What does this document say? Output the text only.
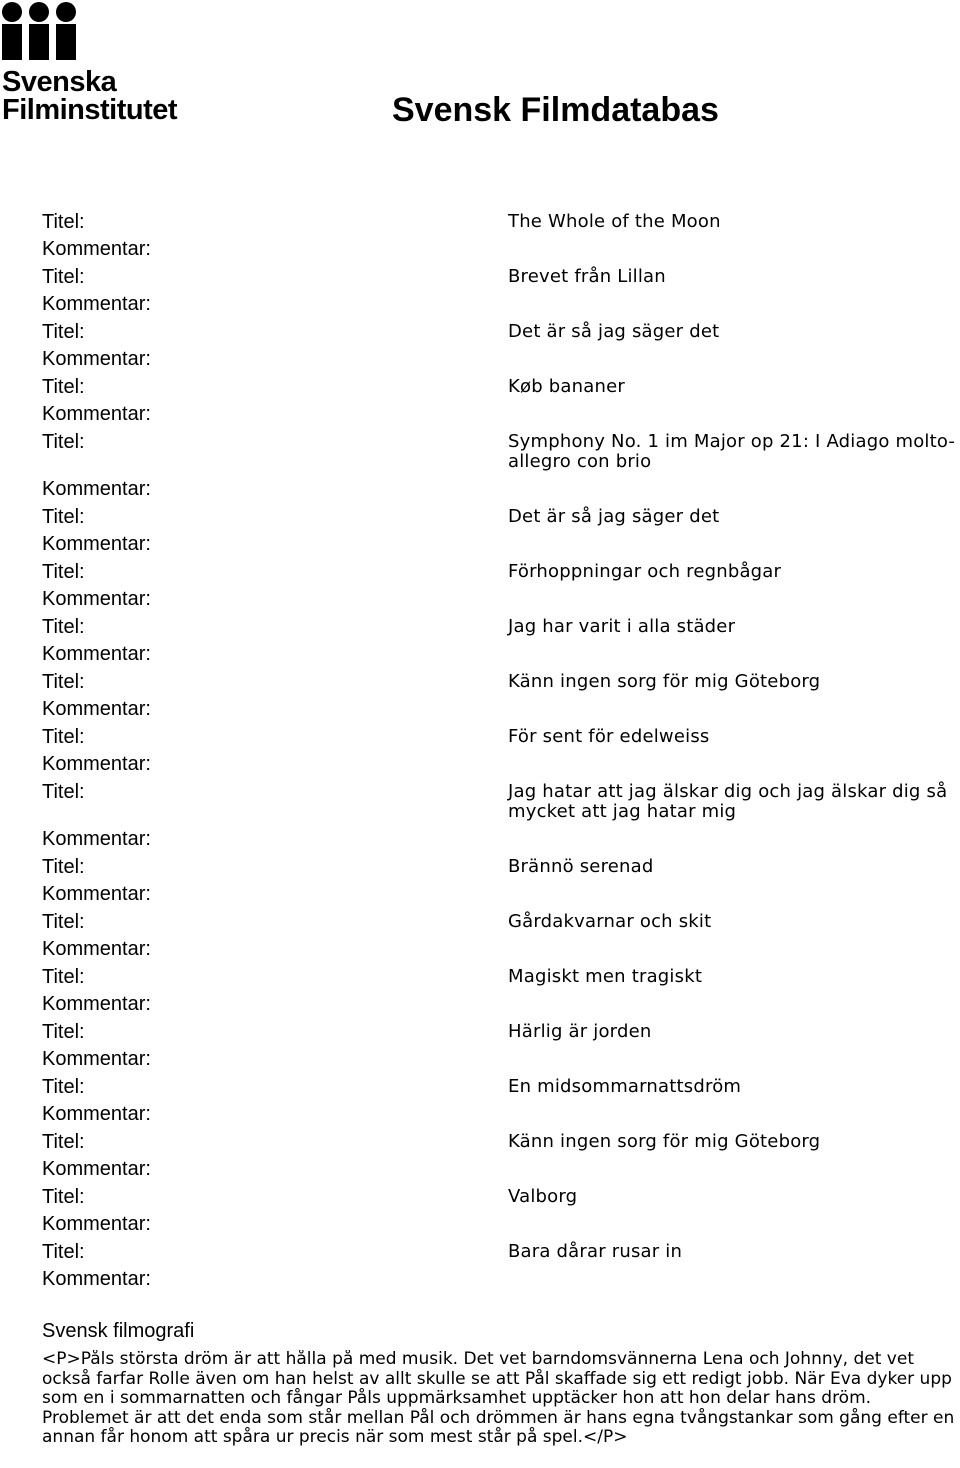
Svenska
Filminstitutet	Svensk Filmdatabas
Titel:	The Whole of the Moon
Kommentar:
Titel:	Brevet från Lillan
Kommentar:
Titel:	Det är så jag säger det
Kommentar:
Titel:	Køb bananer
Kommentar:
Titel:	Symphony No. 1 im Major op 21: I Adiago molto-allegro con brio
Kommentar:
Titel:	Det är så jag säger det
Kommentar:
Titel:	Förhoppningar och regnbågar
Kommentar:
Titel:	Jag har varit i alla städer
Kommentar:
Titel:	Känn ingen sorg för mig Göteborg
Kommentar:
Titel:	För sent för edelweiss
Kommentar:
Titel:	Jag hatar att jag älskar dig och jag älskar dig så mycket att jag hatar mig
Kommentar:
Titel:	Brännö serenad
Kommentar:
Titel:	Gårdakvarnar och skit
Kommentar:
Titel:	Magiskt men tragiskt
Kommentar:
Titel:	Härlig är jorden
Kommentar:
Titel:	En midsommarnattsdröm
Kommentar:
Titel:	Känn ingen sorg för mig Göteborg
Kommentar:
Titel:	Valborg
Kommentar:
Titel:	Bara dårar rusar in
Kommentar:
Svensk filmografi

<P>Påls största dröm är att hålla på med musik. Det vet barndomsvännerna Lena och Johnny, det vet också farfar Rolle även om han helst av allt skulle se att Pål skaffade sig ett redigt jobb. När Eva dyker upp som en i sommarnatten och fångar Påls uppmärksamhet upptäcker hon att hon delar hans dröm. Problemet är att det enda som står mellan Pål och drömmen är hans egna tvångstankar som gång efter en annan får honom att spåra ur precis när som mest står på spel.</P>
